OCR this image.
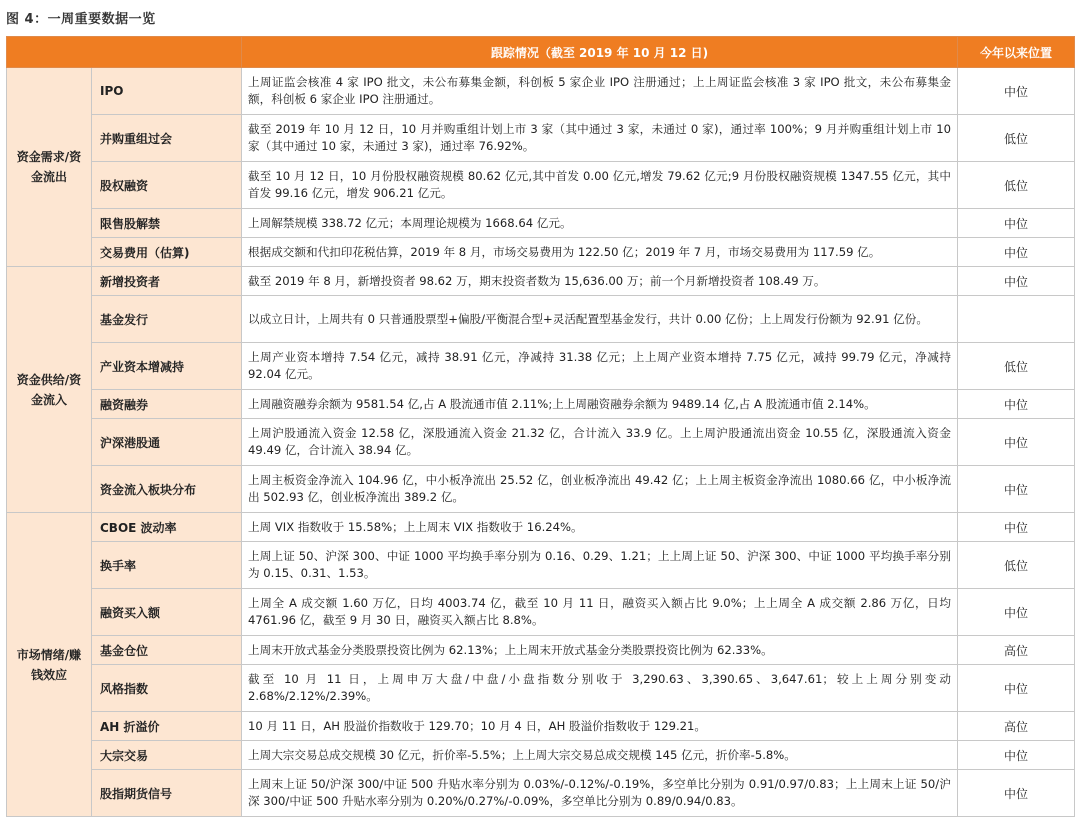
图 4：一周重要数据一览
		跟踪情况（截至 2019 年 10 月 12 日)	今年以来位置
资金需求/资金流出	IPO	上周证监会核准 4 家 IPO 批文，未公布募集金额，科创板 5 家企业 IPO 注册通过；上上周证监会核准 3 家 IPO 批文，未公布募集金额，科创板 6 家企业 IPO 注册通过。	中位
	并购重组过会	截至 2019 年 10 月 12 日，10 月并购重组计划上市 3 家（其中通过 3 家，未通过 0 家)，通过率 100%；9 月并购重组计划上市 10 家（其中通过 10 家，未通过 3 家)，通过率 76.92%。	低位
	股权融资	截至 10 月 12 日，10 月份股权融资规模 80.62 亿元,其中首发 0.00 亿元,增发 79.62 亿元;9 月份股权融资规模 1347.55 亿元，其中首发 99.16 亿元，增发 906.21 亿元。	低位
	限售股解禁	上周解禁规模 338.72 亿元；本周理论规模为 1668.64 亿元。	中位
	交易费用（估算)	根据成交额和代扣印花税估算，2019 年 8 月，市场交易费用为 122.50 亿；2019 年 7 月，市场交易费用为 117.59 亿。	中位
资金供给/资金流入	新增投资者	截至 2019 年 8 月，新增投资者 98.62 万，期末投资者数为 15,636.00 万；前一个月新增投资者 108.49 万。	中位
	基金发行	以成立日计，上周共有 0 只普通股票型+偏股/平衡混合型+灵活配置型基金发行，共计 0.00 亿份；上上周发行份额为 92.91 亿份。	
	产业资本增减持	上周产业资本增持 7.54 亿元，减持 38.91 亿元，净减持 31.38 亿元；上上周产业资本增持 7.75 亿元，减持 99.79 亿元，净减持 92.04 亿元。	低位
	融资融券	上周融资融券余额为 9581.54 亿,占 A 股流通市值 2.11%;上上周融资融券余额为 9489.14 亿,占 A 股流通市值 2.14%。	中位
	沪深港股通	上周沪股通流入资金 12.58 亿，深股通流入资金 21.32 亿，合计流入 33.9 亿。上上周沪股通流出资金 10.55 亿，深股通流入资金 49.49 亿，合计流入 38.94 亿。	中位
	资金流入板块分布	上周主板资金净流入 104.96 亿，中小板净流出 25.52 亿，创业板净流出 49.42 亿；上上周主板资金净流出 1080.66 亿，中小板净流出 502.93 亿，创业板净流出 389.2 亿。	中位
市场情绪/赚钱效应	CBOE 波动率	上周 VIX 指数收于 15.58%；上上周末 VIX 指数收于 16.24%。	中位
	换手率	上周上证 50、沪深 300、中证 1000 平均换手率分别为 0.16、0.29、1.21；上上周上证 50、沪深 300、中证 1000 平均换手率分别为 0.15、0.31、1.53。	低位
	融资买入额	上周全 A 成交额 1.60 万亿，日均 4003.74 亿，截至 10 月 11 日，融资买入额占比 9.0%；上上周全 A 成交额 2.86 万亿，日均 4761.96 亿，截至 9 月 30 日，融资买入额占比 8.8%。	中位
	基金仓位	上周末开放式基金分类股票投资比例为 62.13%；上上周末开放式基金分类股票投资比例为 62.33%。	高位
	风格指数	截至 10 月 11 日，上周申万大盘/中盘/小盘指数分别收于 3,290.63、3,390.65、3,647.61；较上上周分别变动 2.68%/2.12%/2.39%。	中位
	AH 折溢价	10 月 11 日，AH 股溢价指数收于 129.70；10 月 4 日，AH 股溢价指数收于 129.21。	高位
	大宗交易	上周大宗交易总成交规模 30 亿元，折价率-5.5%；上上周大宗交易总成交规模 145 亿元，折价率-5.8%。	中位
	股指期货信号	上周末上证 50/沪深 300/中证 500 升贴水率分别为 0.03%/-0.12%/-0.19%，多空单比分别为 0.91/0.97/0.83；上上周末上证 50/沪深 300/中证 500 升贴水率分别为 0.20%/0.27%/-0.09%，多空单比分别为 0.89/0.94/0.83。	中位
